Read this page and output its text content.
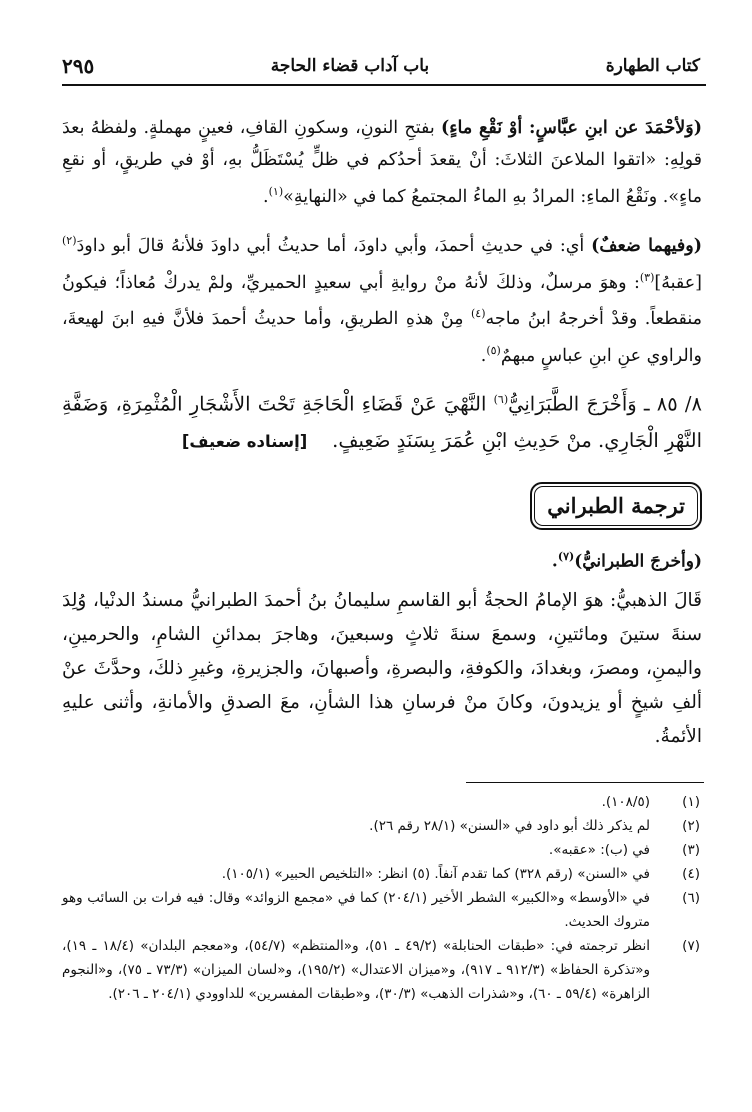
كتاب الطهارة
باب آداب قضاء الحاجة
٢٩٥

(وَلأحْمَدَ عن ابنِ عبَّاسٍ: أوْ نَقْعِ ماءٍ) بفتحِ النونِ، وسكونِ القافِ، فعينٍ مهملةٍ. ولفظهُ بعدَ قولِهِ: «اتقوا الملاعنَ الثلاثَ: أنْ يقعدَ أحدُكم في ظلٍّ يُسْتَظَلُّ بهِ، أوْ في طريقٍ، أو نقعِ ماءٍ». ونَقْعُ الماءِ: المرادُ بهِ الماءُ المجتمعُ كما في «النهايةِ»$^{(١)}$.

(وفيهما ضعفٌ) أي: في حديثِ أحمدَ، وأبي داودَ، أما حديثُ أبي داودَ فلأنهُ قالَ أبو داودَ$^{(٢)}$ [عقبهُ]$^{(٣)}$: وهوَ مرسلٌ، وذلكَ لأنهُ منْ روايةِ أبي سعيدٍ الحميريِّ، ولمْ يدركْ مُعاذاً؛ فيكونُ منقطعاً. وقدْ أخرجهُ ابنُ ماجه$^{(٤)}$ مِنْ هذهِ الطريقِ، وأما حديثُ أحمدَ فلأنَّ فيهِ ابنَ لهيعةَ، والراوي عنِ ابنِ عباسٍ مبهمٌ$^{(٥)}$.

٨/ ٨٥ ـ وَأَخْرَجَ الطَّبَرَانِيُّ$^{(٦)}$ النَّهْيَ عَنْ قَضَاءِ الْحَاجَةِ تَحْتَ الأَشْجَارِ الْمُثْمِرَةِ، وَضَفَّةِ النَّهْرِ الْجَارِي. منْ حَدِيثِ ابْنِ عُمَرَ بِسَنَدٍ ضَعِيفٍ.    [إسناده ضعيف]

ترجمة الطبراني

(وأخرجَ الطبرانيُّ)$^{(٧)}$.

قَالَ الذهبيُّ: هوَ الإمامُ الحجةُ أبو القاسمِ سليمانُ بنُ أحمدَ الطبرانيُّ مسندُ الدنْيا، وُلِدَ سنةَ ستينَ ومائتينِ، وسمعَ سنةَ ثلاثٍ وسبعينَ، وهاجرَ بمدائنِ الشامِ، والحرمينِ، واليمنِ، ومصرَ، وبغدادَ، والكوفةِ، والبصرةِ، وأصبهانَ، والجزيرةِ، وغيرِ ذلكَ، وحدَّثَ عنْ ألفِ شيخٍ أو يزيدونَ، وكانَ منْ فرسانِ هذا الشأنِ، معَ الصدقِ والأمانةِ، وأثنى عليهِ الأئمةُ.

(١)
(١٠٨/٥).
(٢)
لم يذكر ذلك أبو داود في «السنن» (٢٨/١ رقم ٢٦).
(٣)
في (ب): «عقبه».
(٤)
في «السنن» (رقم ٣٢٨) كما تقدم آنفاً. (٥) انظر: «التلخيص الحبير» (١٠٥/١).
(٦)
في «الأوسط» و«الكبير» الشطر الأخير (٢٠٤/١) كما في «مجمع الزوائد» وقال: فيه فرات بن السائب وهو متروك الحديث.
(٧)
انظر ترجمته في: «طبقات الحنابلة» (٤٩/٢ ـ ٥١)، و«المنتظم» (٥٤/٧)، و«معجم البلدان» (١٨/٤ ـ ١٩)، و«تذكرة الحفاظ» (٩١٢/٣ ـ ٩١٧)، و«ميزان الاعتدال» (١٩٥/٢)، و«لسان الميزان» (٧٣/٣ ـ ٧٥)، و«النجوم الزاهرة» (٥٩/٤ ـ ٦٠)، و«شذرات الذهب» (٣٠/٣)، و«طبقات المفسرين» للداوودي (٢٠٤/١ ـ ٢٠٦).
